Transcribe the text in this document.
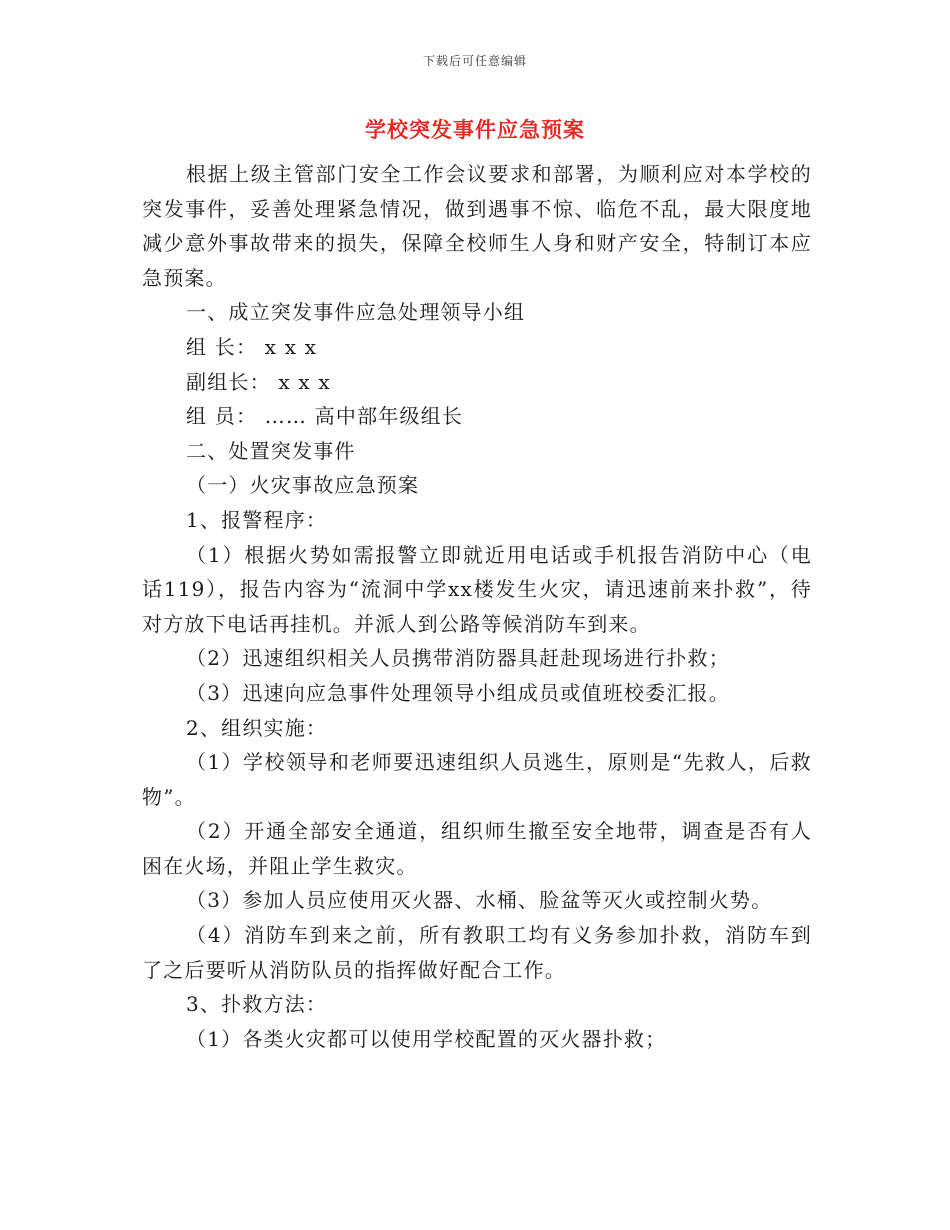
下载后可任意编辑
学校突发事件应急预案

根据上级主管部门安全工作会议要求和部署，为顺利应对本学校的突发事件，妥善处理紧急情况，做到遇事不惊、临危不乱，最大限度地减少意外事故带来的损失，保障全校师生人身和财产安全，特制订本应急预案。

一、成立突发事件应急处理领导小组

组 长： x x x

副组长： x x x

组 员： …… 高中部年级组长

二、处置突发事件

（一）火灾事故应急预案

1、报警程序：

（1）根据火势如需报警立即就近用电话或手机报告消防中心（电话119），报告内容为“流洞中学xx楼发生火灾，请迅速前来扑救”，待对方放下电话再挂机。并派人到公路等候消防车到来。

（2）迅速组织相关人员携带消防器具赶赴现场进行扑救；

（3）迅速向应急事件处理领导小组成员或值班校委汇报。

2、组织实施：

（1）学校领导和老师要迅速组织人员逃生，原则是“先救人，后救物”。

（2）开通全部安全通道，组织师生撤至安全地带，调查是否有人困在火场，并阻止学生救灾。

（3）参加人员应使用灭火器、水桶、脸盆等灭火或控制火势。

（4）消防车到来之前，所有教职工均有义务参加扑救，消防车到了之后要听从消防队员的指挥做好配合工作。

3、扑救方法：

（1）各类火灾都可以使用学校配置的灭火器扑救；
